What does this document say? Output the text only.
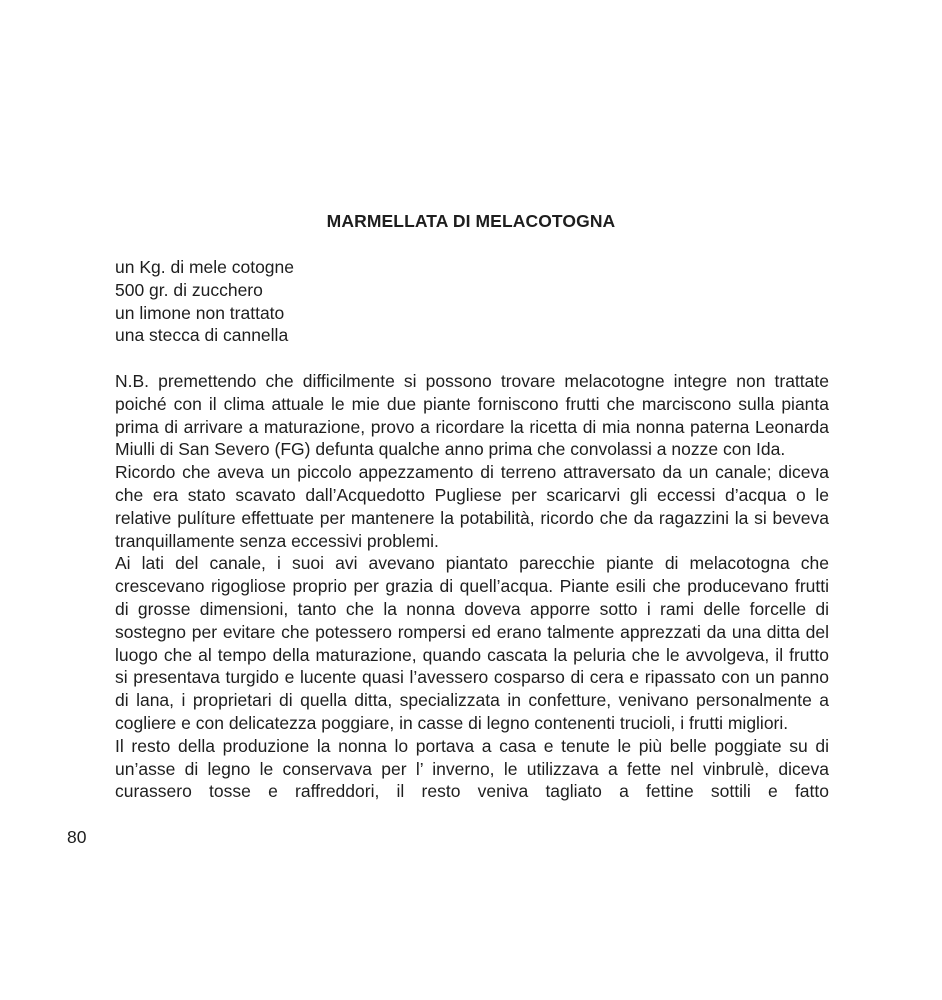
MARMELLATA DI MELACOTOGNA
un Kg. di mele cotogne
500 gr. di zucchero
un limone non trattato
una stecca di cannella

N.B. premettendo che difficilmente si possono trovare melacotogne integre non trattate poiché con il clima attuale le mie due piante forniscono frutti che marciscono sulla pianta prima di arrivare a maturazione, provo a ricordare la ricetta di mia nonna paterna Leonarda Miulli di San Severo (FG) defunta qualche anno prima che convolassi a nozze con Ida.

Ricordo che aveva un piccolo appezzamento di terreno attraversato da un canale; diceva che era stato scavato dall’Acquedotto Pugliese per scaricarvi gli eccessi d’acqua o le relative pulíture effettuate per mantenere la potabilità, ricordo che da ragazzini la si beveva tranquillamente senza eccessivi problemi.

Ai lati del canale, i suoi avi avevano piantato parecchie piante di melacotogna che crescevano rigogliose proprio per grazia di quell’acqua. Piante esili che producevano frutti di grosse dimensioni, tanto che la nonna doveva apporre sotto i rami delle forcelle di sostegno per evitare che potessero rompersi ed erano talmente apprezzati da una ditta del luogo che al tempo della maturazione, quando cascata la peluria che le avvolgeva, il frutto si presentava turgido e lucente quasi l’avessero cosparso di cera e ripassato con un panno di lana, i proprietari di quella ditta, specializzata in confetture, venivano personalmente a cogliere e con delicatezza poggiare, in casse di legno contenenti trucioli, i frutti migliori.

Il resto della produzione la nonna lo portava a casa e tenute le più belle poggiate su di un’asse di legno le conservava per l’ inverno, le utilizzava a fette nel vinbrulè, diceva curassero tosse e raffreddori, il resto veniva tagliato a fettine sottili e fatto

80
